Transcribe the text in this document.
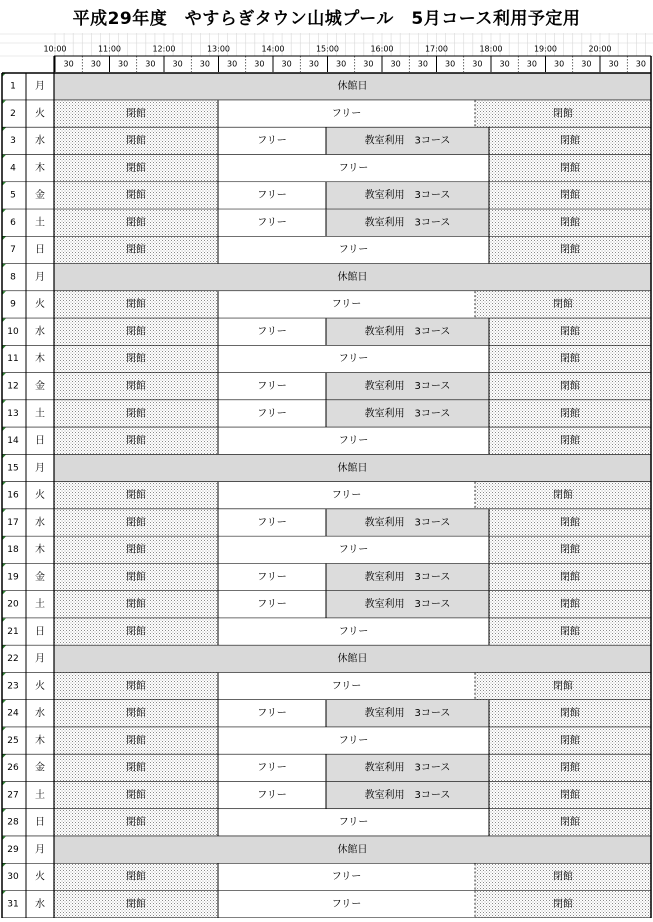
平成29年度　やすらぎタウン山城プール　5月コース利用予定用
10:00	11:00	12:00	13:00	14:00	15:00	16:00	17:00	18:00	19:00	20:00
30 30 30 30 30 30 30 30 30 30 30 30 30 30 30 30 30 30 30 30 30 30
1 月	休館日
2 火	閉館	フリー	閉館
3 水	閉館	フリー	教室利用　3コース	閉館
4 木	閉館	フリー	閉館
5 金	閉館	フリー	教室利用　3コース	閉館
6 土	閉館	フリー	教室利用　3コース	閉館
7 日	閉館	フリー	閉館
8 月	休館日
9 火	閉館	フリー	閉館
10 水	閉館	フリー	教室利用　3コース	閉館
11 木	閉館	フリー	閉館
12 金	閉館	フリー	教室利用　3コース	閉館
13 土	閉館	フリー	教室利用　3コース	閉館
14 日	閉館	フリー	閉館
15 月	休館日
16 火	閉館	フリー	閉館
17 水	閉館	フリー	教室利用　3コース	閉館
18 木	閉館	フリー	閉館
19 金	閉館	フリー	教室利用　3コース	閉館
20 土	閉館	フリー	教室利用　3コース	閉館
21 日	閉館	フリー	閉館
22 月	休館日
23 火	閉館	フリー	閉館
24 水	閉館	フリー	教室利用　3コース	閉館
25 木	閉館	フリー	閉館
26 金	閉館	フリー	教室利用　3コース	閉館
27 土	閉館	フリー	教室利用　3コース	閉館
28 日	閉館	フリー	閉館
29 月	休館日
30 火	閉館	フリー	閉館
31 水	閉館	フリー	閉館
